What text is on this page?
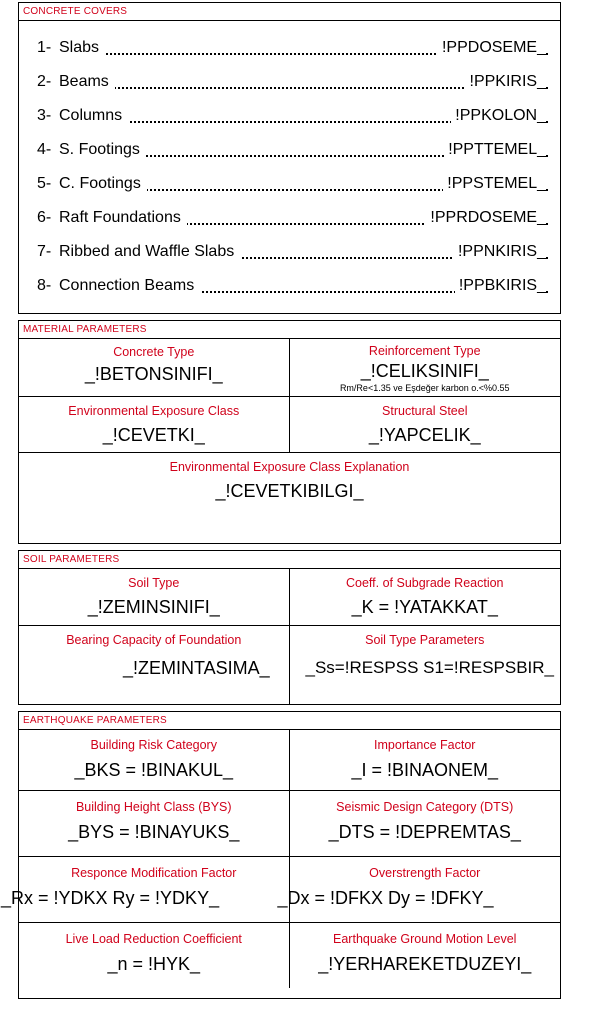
CONCRETE COVERS
1- Slabs	!PPDOSEME_
2- Beams	!PPKIRIS_
3- Columns	!PPKOLON_
4- S. Footings	!PPTTEMEL_
5- C. Footings	!PPSTEMEL_
6- Raft Foundations	!PPRDOSEME_
7- Ribbed and Waffle Slabs	!PPNKIRIS_
8- Connection Beams	!PPBKIRIS_
MATERIAL PARAMETERS
Concrete Type
_!BETONSINIFI_
Reinforcement Type
_!CELIKSINIFI_
Rm/Re<1.35 ve Eşdeğer karbon o.<%0.55
Environmental Exposure Class
_!CEVETKI_
Structural Steel
_!YAPCELIK_
Environmental Exposure Class Explanation
_!CEVETKIBILGI_
SOIL PARAMETERS
Soil Type
_!ZEMINSINIFI_
Coeff. of Subgrade Reaction
_K = !YATAKKAT_
Bearing Capacity of Foundation
_!ZEMINTASIMA_
Soil Type Parameters
_Ss=!RESPSS S1=!RESPSBIR_
EARTHQUAKE PARAMETERS
Building Risk Category
_BKS = !BINAKUL_
Importance Factor
_I = !BINAONEM_
Building Height Class (BYS)
_BYS = !BINAYUKS_
Seismic Design Category (DTS)
_DTS = !DEPREMTAS_
Responce Modification Factor
_Rx = !YDKX Ry = !YDKY_
Overstrength Factor
_Dx = !DFKX Dy = !DFKY_
Live Load Reduction Coefficient
_n = !HYK_
Earthquake Ground Motion Level
_!YERHAREKETDUZEYI_
